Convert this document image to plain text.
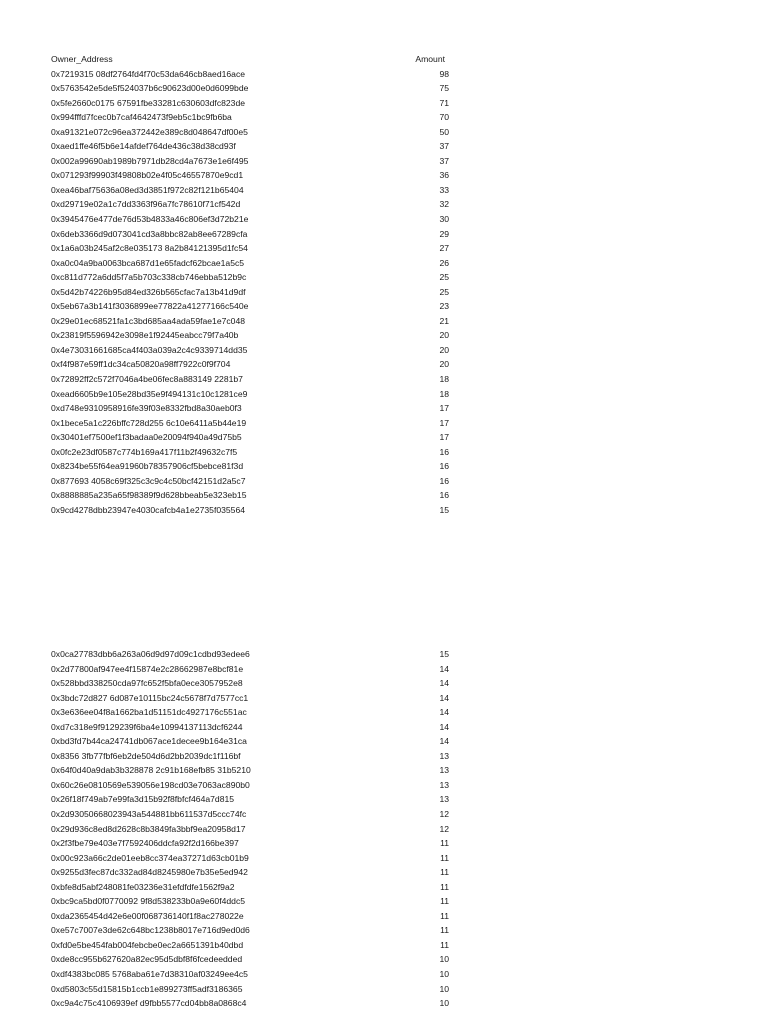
Owner_Address	Amount
0x7219315 08df2764fd4f70c53da646cb8aed16ace	98
0x5763542e5de5f524037b6c90623d00e0d6099bde	75
0x5fe2660c0175 67591fbe33281c630603dfc823de	71
0x994fffd7fcec0b7caf4642473f9eb5c1bc9fb6ba	70
0xa91321e072c96ea372442e389c8d048647df00e5	50
0xaed1ffe46f5b6e14afdef764de436c38d38cd93f	37
0x002a99690ab1989b7971db28cd4a7673e1e6f495	37
0x071293f99903f49808b02e4f05c46557870e9cd1	36
0xea46baf75636a08ed3d3851f972c82f121b65404	33
0xd29719e02a1c7dd3363f96a7fc78610f71cf542d	32
0x3945476e477de76d53b4833a46c806ef3d72b21e	30
0x6deb3366d9d073041cd3a8bbc82ab8ee67289cfa	29
0x1a6a03b245af2c8e035173 8a2b84121395d1fc54	27
0xa0c04a9ba0063bca687d1e65fadcf62bcae1a5c5	26
0xc811d772a6dd5f7a5b703c338cb746ebba512b9c	25
0x5d42b74226b95d84ed326b565cfac7a13b41d9df	25
0x5eb67a3b141f3036899ee77822a41277166c540e	23
0x29e01ec68521fa1c3bd685aa4ada59fae1e7c048	21
0x23819f5596942e3098e1f92445eabcc79f7a40b	20
0x4e73031661685ca4f403a039a2c4c9339714dd35	20
0xf4f987e59ff1dc34ca50820a98ff7922c0f9f704	20
0x72892ff2c572f7046a4be06fec8a883149 2281b7	18
0xead6605b9e105e28bd35e9f494131c10c1281ce9	18
0xd748e9310958916fe39f03e8332fbd8a30aeb0f3	17
0x1bece5a1c226bffc728d255 6c10e6411a5b44e19	17
0x30401ef7500ef1f3badaa0e20094f940a49d75b5	17
0x0fc2e23df0587c774b169a417f11b2f49632c7f5	16
0x8234be55f64ea91960b78357906cf5bebce81f3d	16
0x877693 4058c69f325c3c9c4c50bcf42151d2a5c7	16
0x8888885a235a65f98389f9d628bbeab5e323eb15	16
0x9cd4278dbb23947e4030cafcb4a1e2735f035564	15
0x0ca27783dbb6a263a06d9d97d09c1cdbd93edee6	15
0x2d77800af947ee4f15874e2c28662987e8bcf81e	14
0x528bbd338250cda97fc652f5bfa0ece3057952e8	14
0x3bdc72d827 6d087e10115bc24c5678f7d7577cc1	14
0x3e636ee04f8a1662ba1d51151dc4927176c551ac	14
0xd7c318e9f9129239f6ba4e10994137113dcf6244	14
0xbd3fd7b44ca24741db067ace1decee9b164e31ca	14
0x8356 3fb77fbf6eb2de504d6d2bb2039dc1f116bf	13
0x64f0d40a9dab3b328878 2c91b168efb85 31b5210	13
0x60c26e0810569e539056e198cd03e7063ac890b0	13
0x26f18f749ab7e99fa3d15b92f8fbfcf464a7d815	13
0x2d93050668023943a544881bb611537d5ccc74fc	12
0x29d936c8ed8d2628c8b3849fa3bbf9ea20958d17	12
0x2f3fbe79e403e7f7592406ddcfa92f2d166be397	11
0x00c923a66c2de01eeb8cc374ea37271d63cb01b9	11
0x9255d3fec87dc332ad84d8245980e7b35e5ed942	11
0xbfe8d5abf248081fe03236e31efdfdfe1562f9a2	11
0xbc9ca5bd0f0770092 9f8d538233b0a9e60f4ddc5	11
0xda2365454d42e6e00f068736140f1f8ac278022e	11
0xe57c7007e3de62c648bc1238b8017e716d9ed0d6	11
0xfd0e5be454fab004febcbe0ec2a6651391b40dbd	11
0xde8cc955b627620a82ec95d5dbf8f6fcedeedded	10
0xdf4383bc085 5768aba61e7d38310af03249ee4c5	10
0xd5803c55d15815b1ccb1e899273ff5adf3186365	10
0xc9a4c75c4106939ef d9fbb5577cd04bb8a0868c4	10
